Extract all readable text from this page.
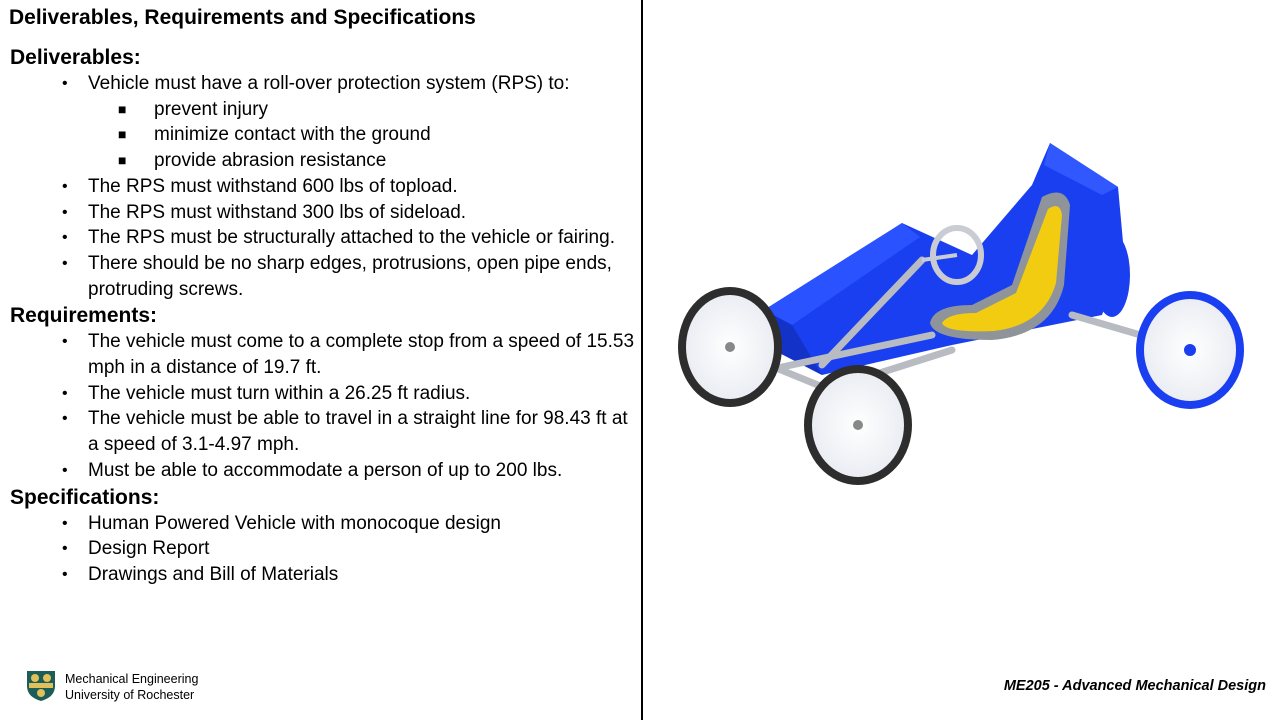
Deliverables, Requirements and Specifications
Deliverables:
• Vehicle must have a roll-over protection system (RPS) to:
■ prevent injury
■ minimize contact with the ground
■ provide abrasion resistance
• The RPS must withstand 600 lbs of topload.
• The RPS must withstand 300 lbs of sideload.
• The RPS must be structurally attached to the vehicle or fairing.
• There should be no sharp edges, protrusions, open pipe ends, protruding screws.
Requirements:
• The vehicle must come to a complete stop from a speed of 15.53 mph in a distance of 19.7 ft.
• The vehicle must turn within a 26.25 ft radius.
• The vehicle must be able to travel in a straight line for 98.43 ft at a speed of 3.1-4.97 mph.
• Must be able to accommodate a person of up to 200 lbs.
Specifications:
• Human Powered Vehicle with monocoque design
• Design Report
• Drawings and Bill of Materials
Mechanical Engineering
University of Rochester
ME205 - Advanced Mechanical Design
